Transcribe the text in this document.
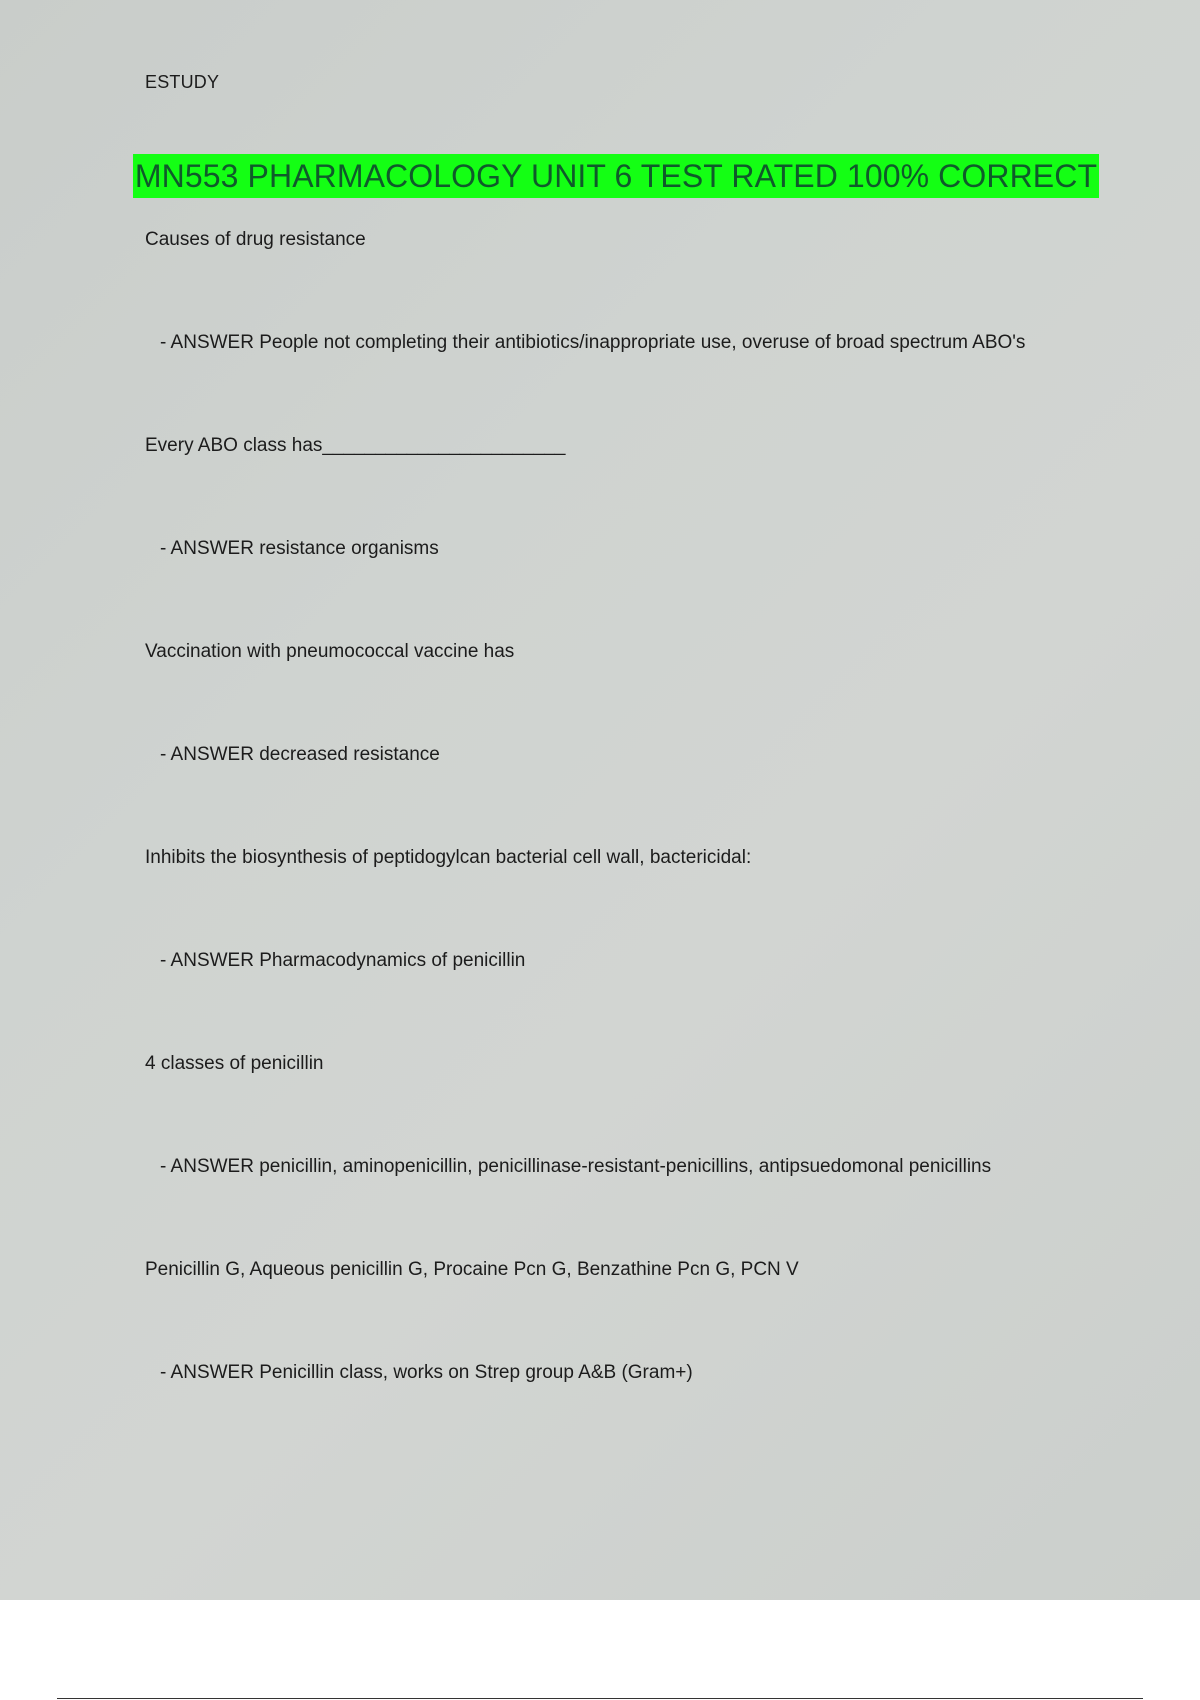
ESTUDY
MN553 PHARMACOLOGY UNIT 6 TEST RATED 100% CORRECT

Causes of drug resistance

- ANSWER People not completing their antibiotics/inappropriate use, overuse of broad spectrum ABO's

Every ABO class has_______________________

- ANSWER resistance organisms

Vaccination with pneumococcal vaccine has

- ANSWER decreased resistance

Inhibits the biosynthesis of peptidogylcan bacterial cell wall, bactericidal:

- ANSWER Pharmacodynamics of penicillin

4 classes of penicillin

- ANSWER penicillin, aminopenicillin, penicillinase-resistant-penicillins, antipsuedomonal penicillins

Penicillin G, Aqueous penicillin G, Procaine Pcn G, Benzathine Pcn G, PCN V

- ANSWER Penicillin class, works on Strep group A&B (Gram+)
